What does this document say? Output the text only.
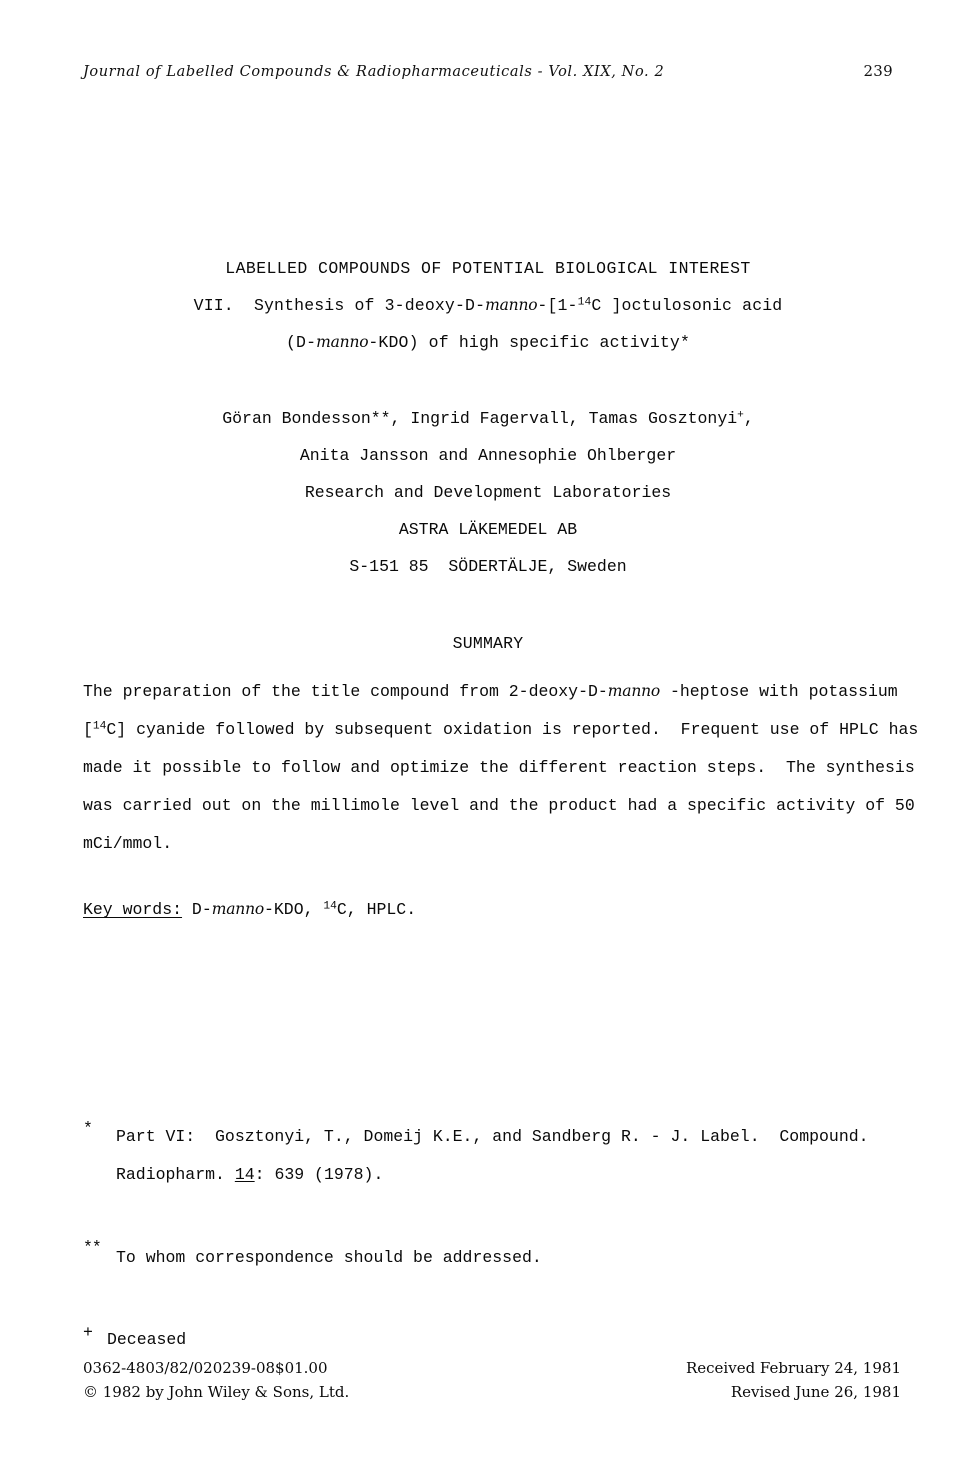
Journal of Labelled Compounds & Radiopharmaceuticals - Vol. XIX, No. 2	239
LABELLED COMPOUNDS OF POTENTIAL BIOLOGICAL INTEREST
VII.  Synthesis of 3-deoxy-D-manno-[1-$^{14}$C ]octulosonic acid
(D-manno-KDO) of high specific activity*
Göran Bondesson**, Ingrid Fagervall, Tamas Gosztonyi+,
Anita Jansson and Annesophie Ohlberger
Research and Development Laboratories
ASTRA LÄKEMEDEL AB
S-151 85  SÖDERTÄLJE, Sweden
SUMMARY
The preparation of the title compound from 2-deoxy-D-manno -heptose with potassium
[$^{14}$C] cyanide followed by subsequent oxidation is reported.  Frequent use of HPLC has
made it possible to follow and optimize the different reaction steps.  The synthesis
was carried out on the millimole level and the product had a specific activity of 50
mCi/mmol.
Key words: D-manno-KDO, $^{14}$C, HPLC.
* Part VI:  Gosztonyi, T., Domeij K.E., and Sandberg R. - J. Label.  Compound.
Radiopharm. 14: 639 (1978).
**
To whom correspondence should be addressed.
+ Deceased
0362-4803/82/020239-08$01.00
© 1982 by John Wiley & Sons, Ltd.
Received February 24, 1981
Revised June 26, 1981
